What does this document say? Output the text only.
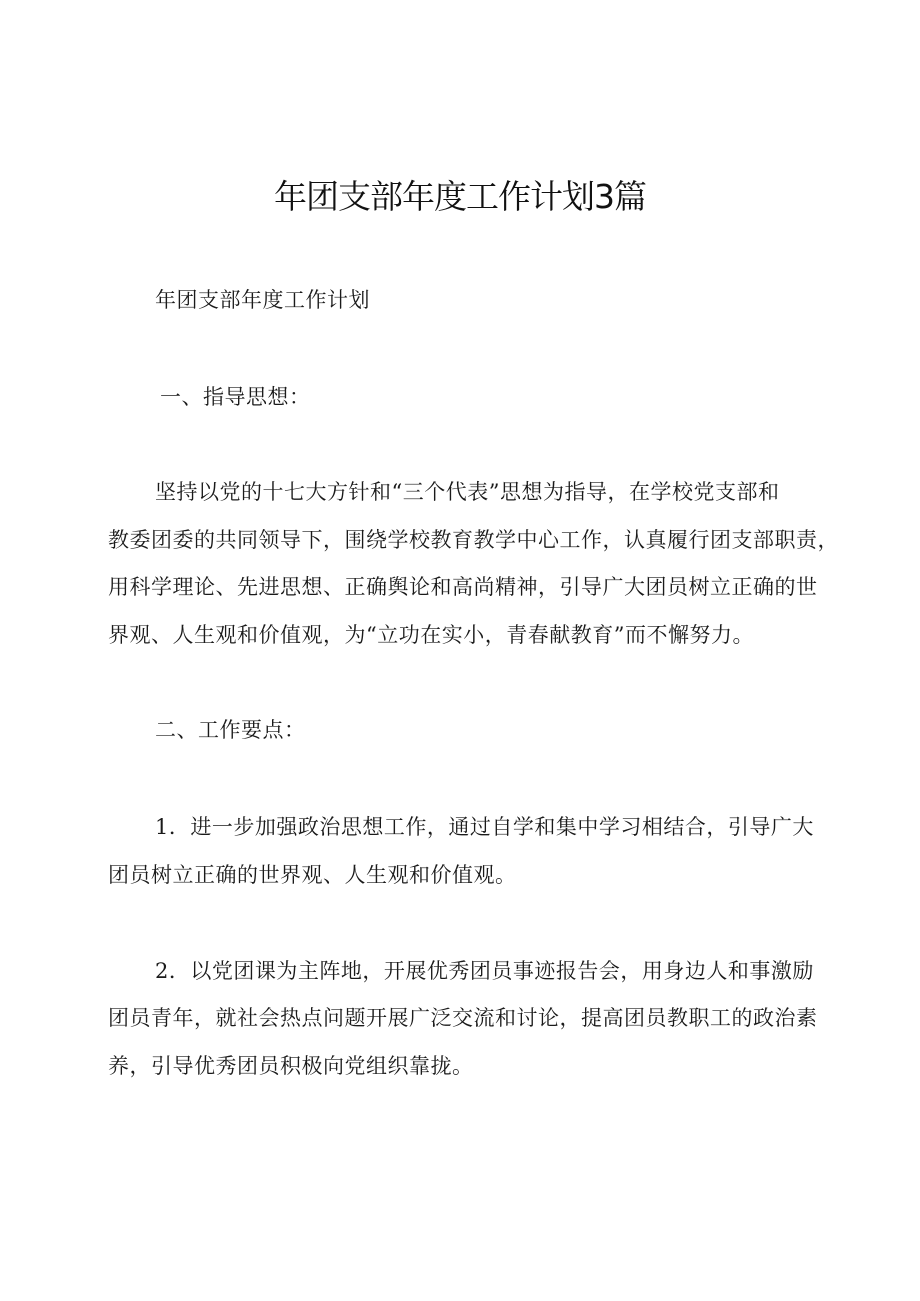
年团支部年度工作计划3篇
年团支部年度工作计划
一、指导思想：
坚持以党的十七大方针和“三个代表”思想为指导，在学校党支部和
教委团委的共同领导下，围绕学校教育教学中心工作，认真履行团支部职责，
用科学理论、先进思想、正确舆论和高尚精神，引导广大团员树立正确的世
界观、人生观和价值观，为“立功在实小，青春献教育”而不懈努力。
二、工作要点：
1．进一步加强政治思想工作，通过自学和集中学习相结合，引导广大
团员树立正确的世界观、人生观和价值观。
2．以党团课为主阵地，开展优秀团员事迹报告会，用身边人和事激励
团员青年，就社会热点问题开展广泛交流和讨论，提高团员教职工的政治素
养，引导优秀团员积极向党组织靠拢。
